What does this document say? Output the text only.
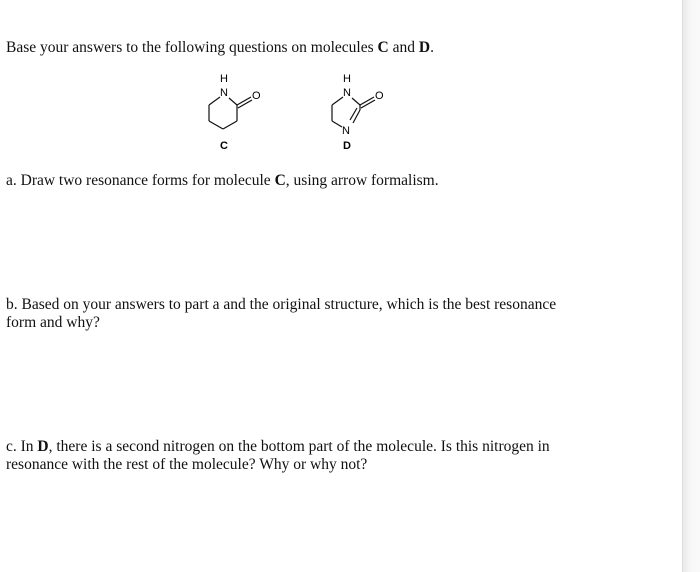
Base your answers to the following questions on molecules C and D.
H
N O
C
H
N O
N
D
a. Draw two resonance forms for molecule C, using arrow formalism.
b. Based on your answers to part a and the original structure, which is the best resonance
form and why?
c. In D, there is a second nitrogen on the bottom part of the molecule. Is this nitrogen in
resonance with the rest of the molecule? Why or why not?
